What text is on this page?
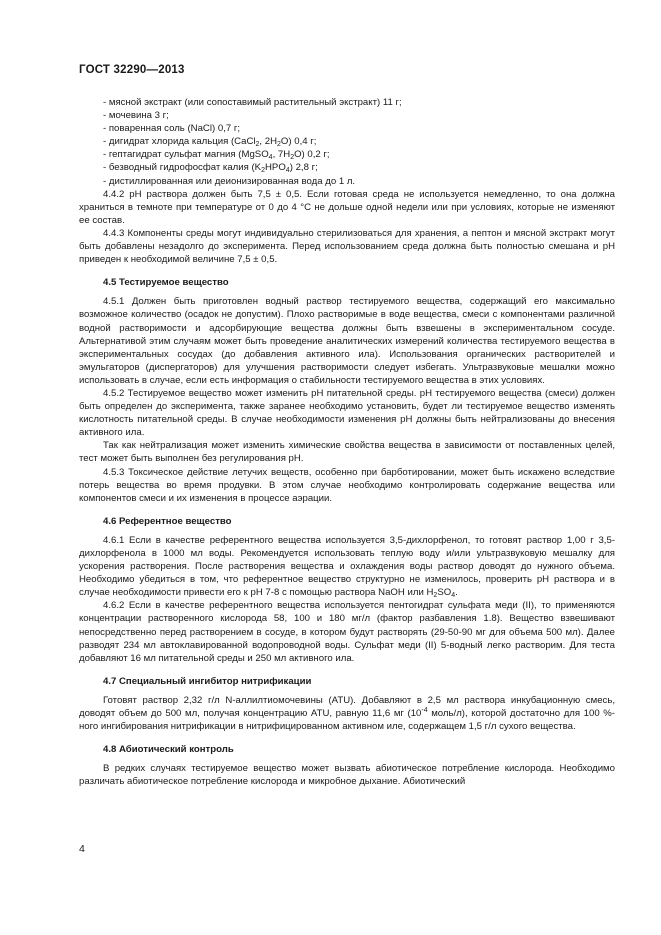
ГОСТ 32290—2013

- мясной экстракт (или сопоставимый растительный экстракт) 11 г;

- мочевина 3 г;

- поваренная соль (NaCl) 0,7 г;

- дигидрат хлорида кальция (CaCl$_2$, $2H_2O$) 0,4 г;

- гептагидрат сульфат магния (MgSO$_4$, $7H_2O$) 0,2 г;

- безводный гидрофосфат калия $(K_2HPO_4)$ 2,8 г;

- дистиллированная или деионизированная вода до 1 л.

4.4.2 pH раствора должен быть 7,5 ± 0,5. Если готовая среда не используется немедленно, то она должна храниться в темноте при температуре от 0 до 4 °С не дольше одной недели или при условиях, которые не изменяют ее состав.

4.4.3 Компоненты среды могут индивидуально стерилизоваться для хранения, а пептон и мясной экстракт могут быть добавлены незадолго до эксперимента. Перед использованием среда должна быть полностью смешана и pH приведен к необходимой величине 7,5 ± 0,5.

4.5 Тестируемое вещество

4.5.1 Должен быть приготовлен водный раствор тестируемого вещества, содержащий его максимально возможное количество (осадок не допустим). Плохо растворимые в воде вещества, смеси с компонентами различной водной растворимости и адсорбирующие вещества должны быть взвешены в экспериментальном сосуде. Альтернативой этим случаям может быть проведение аналитических измерений количества тестируемого вещества в экспериментальных сосудах (до добавления активного ила). Использования органических растворителей и эмульгаторов (диспергаторов) для улучшения растворимости следует избегать. Ультразвуковые мешалки можно использовать в случае, если есть информация о стабильности тестируемого вещества в этих условиях.

4.5.2 Тестируемое вещество может изменить pH питательной среды. pH тестируемого вещества (смеси) должен быть определен до эксперимента, также заранее необходимо установить, будет ли тестируемое вещество изменять кислотность питательной среды. В случае необходимости изменения pH должны быть нейтрализованы до внесения активного ила.

Так как нейтрализация может изменить химические свойства вещества в зависимости от поставленных целей, тест может быть выполнен без регулирования pH.

4.5.3 Токсическое действие летучих веществ, особенно при барботировании, может быть искажено вследствие потерь вещества во время продувки. В этом случае необходимо контролировать содержание вещества или компонентов смеси и их изменения в процессе аэрации.

4.6 Референтное вещество

4.6.1 Если в качестве референтного вещества используется 3,5-дихлорфенол, то готовят раствор 1,00 г 3,5-дихлорфенола в 1000 мл воды. Рекомендуется использовать теплую воду и/или ультразвуковую мешалку для ускорения растворения. После растворения вещества и охлаждения воды раствор доводят до нужного объема. Необходимо убедиться в том, что референтное вещество структурно не изменилось, проверить pH раствора и в случае необходимости привести его к pH 7-8 с помощью раствора NaOH или $H_2SO_4$.

4.6.2 Если в качестве референтного вещества используется пентогидрат сульфата меди (II), то применяются концентрации растворенного кислорода 58, 100 и 180 мг/л (фактор разбавления 1.8). Вещество взвешивают непосредственно перед растворением в сосуде, в котором будут растворять (29-50-90 мг для объема 500 мл). Далее разводят 234 мл автоклавированной водопроводной воды. Сульфат меди (II) 5-водный легко растворим. Для теста добавляют 16 мл питательной среды и 250 мл активного ила.

4.7 Специальный ингибитор нитрификации

Готовят раствор 2,32 г/л N-аллилтиомочевины (ATU). Добавляют в 2,5 мл раствора инкубационную смесь, доводят объем до 500 мл, получая концентрацию ATU, равную 11,6 мг ($10^{-4}$ моль/л), которой достаточно для 100 %-ного ингибирования нитрификации в нитрифицированном активном иле, содержащем 1,5 г/л сухого вещества.

4.8 Абиотический контроль

В редких случаях тестируемое вещество может вызвать абиотическое потребление кислорода. Необходимо различать абиотическое потребление кислорода и микробное дыхание. Абиотический

4
